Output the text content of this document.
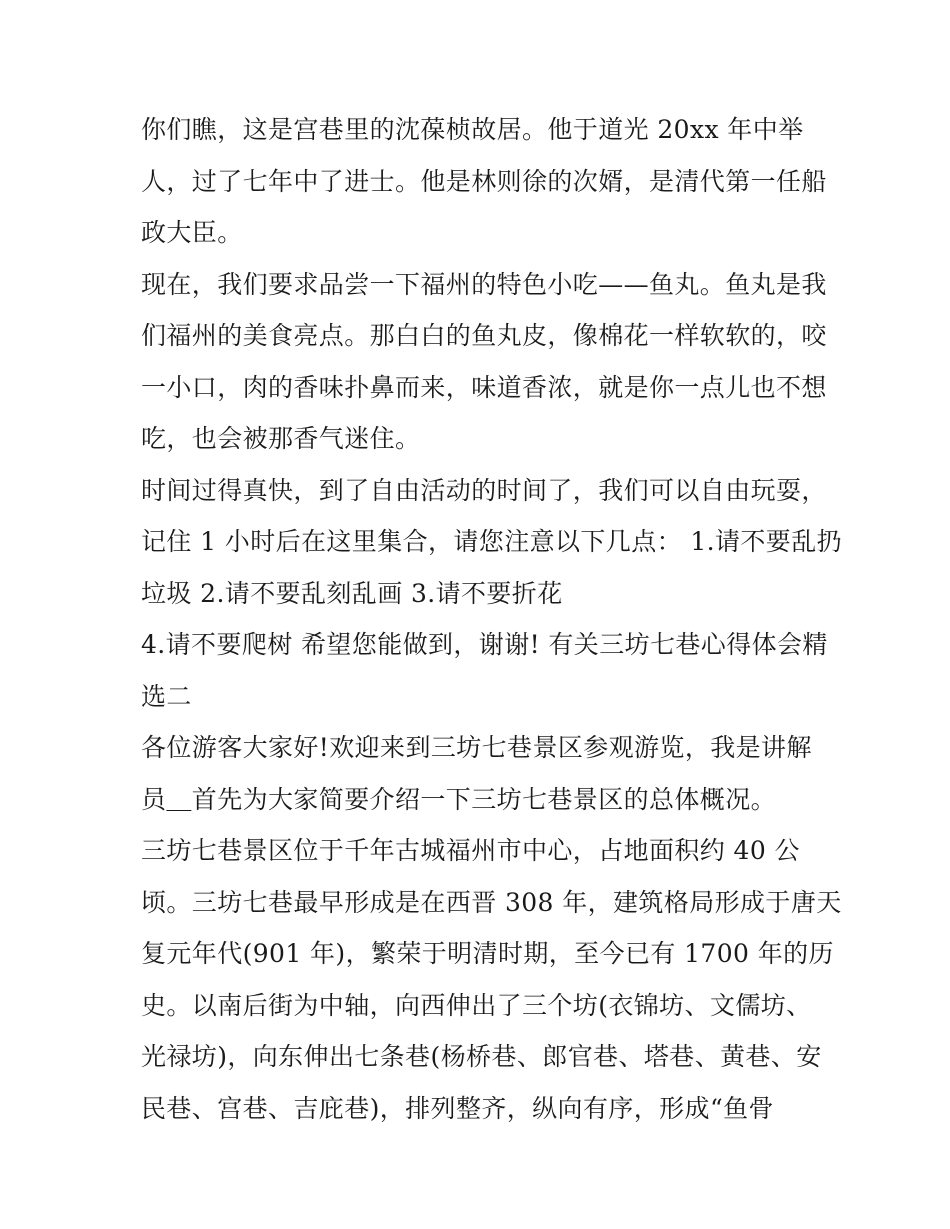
你们瞧，这是宫巷里的沈葆桢故居。他于道光 20xx 年中举
人，过了七年中了进士。他是林则徐的次婿，是清代第一任船
政大臣。
现在，我们要求品尝一下福州的特色小吃——鱼丸。鱼丸是我
们福州的美食亮点。那白白的鱼丸皮，像棉花一样软软的，咬
一小口，肉的香味扑鼻而来，味道香浓，就是你一点儿也不想
吃，也会被那香气迷住。
时间过得真快，到了自由活动的时间了，我们可以自由玩耍，
记住 1 小时后在这里集合，请您注意以下几点： 1.请不要乱扔
垃圾 2.请不要乱刻乱画 3.请不要折花
4.请不要爬树 希望您能做到，谢谢! 有关三坊七巷心得体会精
选二
各位游客大家好!欢迎来到三坊七巷景区参观游览，我是讲解
员＿首先为大家简要介绍一下三坊七巷景区的总体概况。
三坊七巷景区位于千年古城福州市中心，占地面积约 40 公
顷。三坊七巷最早形成是在西晋 308 年，建筑格局形成于唐天
复元年代(901 年)，繁荣于明清时期，至今已有 1700 年的历
史。以南后街为中轴，向西伸出了三个坊(衣锦坊、文儒坊、
光禄坊)，向东伸出七条巷(杨桥巷、郎官巷、塔巷、黄巷、安
民巷、宫巷、吉庇巷)，排列整齐，纵向有序，形成“鱼骨
